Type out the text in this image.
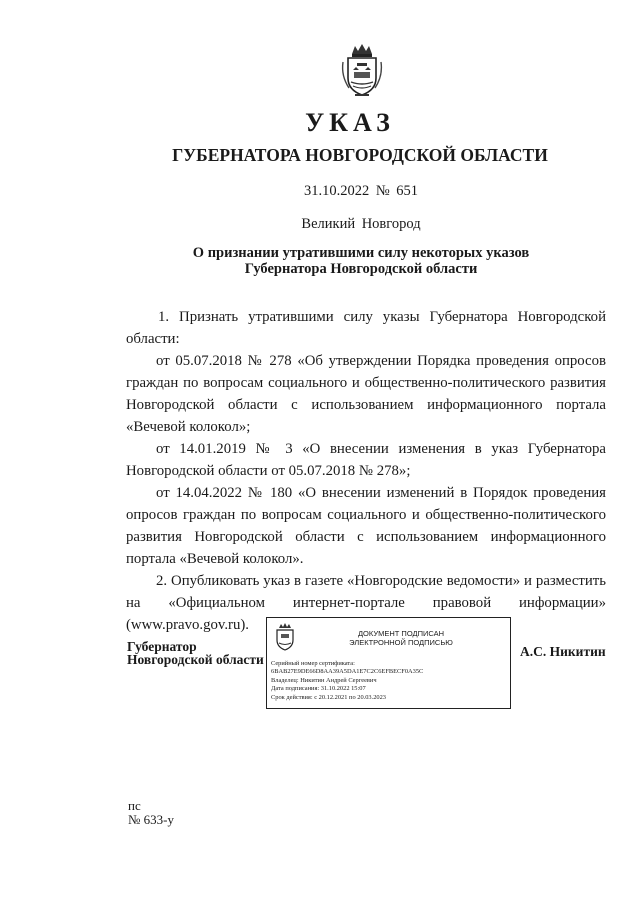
УКАЗ
ГУБЕРНАТОРА НОВГОРОДСКОЙ ОБЛАСТИ
31.10.2022 № 651
Великий Новгород
О признании утратившими силу некоторых указов
Губернатора Новгородской области

1. Признать утратившими силу указы Губернатора Новгородской области:

от 05.07.2018 № 278 «Об утверждении Порядка проведения опросов граждан по вопросам социального и общественно-политического развития Новгородской области с использованием информационного портала «Вечевой колокол»;

от 14.01.2019 № 3 «О внесении изменения в указ Губернатора Новгородской области от 05.07.2018 № 278»;

от 14.04.2022 № 180 «О внесении изменений в Порядок проведения опросов граждан по вопросам социального и общественно-политического развития Новгородской области с использованием информационного портала «Вечевой колокол».

2. Опубликовать указ в газете «Новгородские ведомости» и разместить на «Официальном интернет-портале правовой информации» (www.pravo.gov.ru).

Губернатор
Новгородской области
ДОКУМЕНТ ПОДПИСАН
ЭЛЕКТРОННОЙ ПОДПИСЬЮ
Серийный номер сертификата:
6BAB27E9DE66D8AA39A5DA1E7C2C6EFBECF0A35C
Владелец: Никитин Андрей Сергеевич
Дата подписания: 31.10.2022 15:07
Срок действия: с 20.12.2021 по 20.03.2023
А.С. Никитин
пс
№ 633-у
